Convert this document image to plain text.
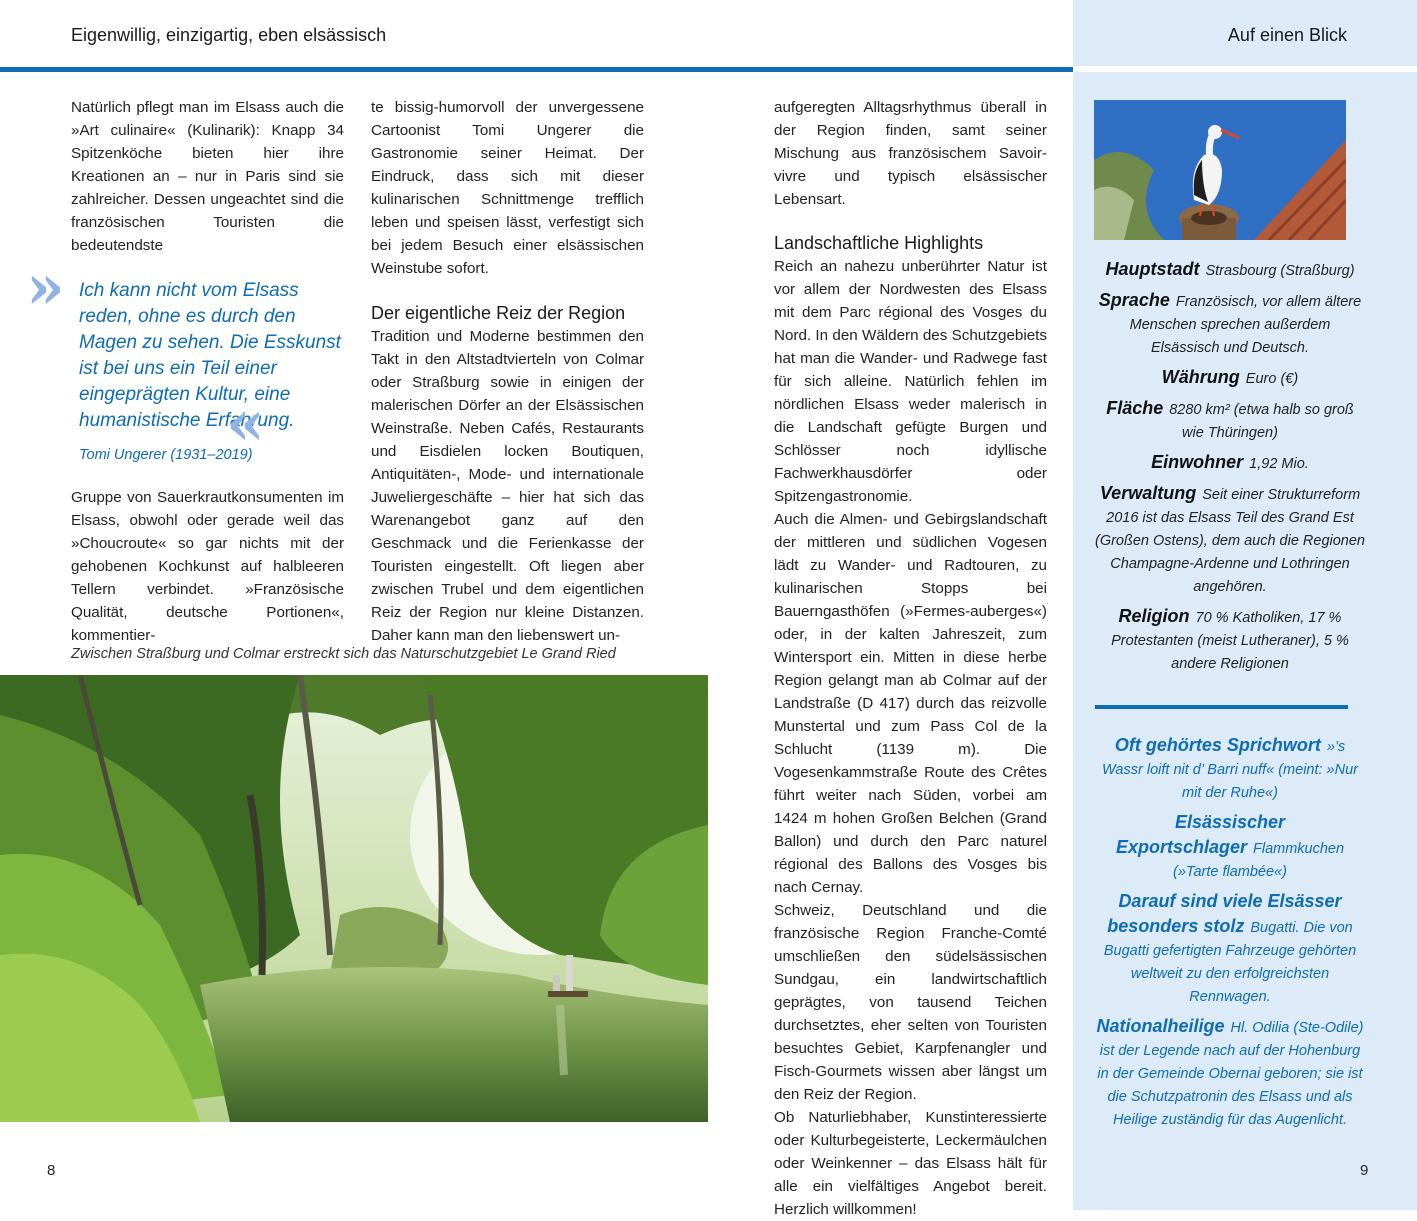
Eigenwillig, einzigartig, eben elsässisch	Auf einen Blick

Natürlich pflegt man im Elsass auch die »Art culinaire« (Kulinarik): Knapp 34 Spitzenköche bieten hier ihre Kreationen an – nur in Paris sind sie zahlreicher. Dessen ungeachtet sind die französischen Touristen die bedeutendste

» Ich kann nicht vom Elsass reden, ohne es durch den Magen zu sehen. Die Esskunst ist bei uns ein Teil einer eingeprägten Kultur, eine humanistische Erfahrung.
«
Tomi Ungerer (1931–2019)

Gruppe von Sauerkrautkonsumenten im Elsass, obwohl oder gerade weil das »Choucroute« so gar nichts mit der gehobenen Kochkunst auf halbleeren Tellern verbindet. »Französische Qualität, deutsche Portionen«, kommentier-

te bissig-humorvoll der unvergessene Cartoonist Tomi Ungerer die Gastronomie seiner Heimat. Der Eindruck, dass sich mit dieser kulinarischen Schnittmenge trefflich leben und speisen lässt, verfestigt sich bei jedem Besuch einer elsässischen Weinstube sofort.

Der eigentliche Reiz der Region

Tradition und Moderne bestimmen den Takt in den Altstadtvierteln von Colmar oder Straßburg sowie in einigen der malerischen Dörfer an der Elsässischen Weinstraße. Neben Cafés, Restaurants und Eisdielen locken Boutiquen, Antiquitäten-, Mode- und internationale Juweliergeschäfte – hier hat sich das Warenangebot ganz auf den Geschmack und die Ferienkasse der Touristen eingestellt. Oft liegen aber zwischen Trubel und dem eigentlichen Reiz der Region nur kleine Distanzen. Daher kann man den liebenswert un-

Zwischen Straßburg und Colmar erstreckt sich das Naturschutzgebiet Le Grand Ried

aufgeregten Alltagsrhythmus überall in der Region finden, samt seiner Mischung aus französischem Savoir-vivre und typisch elsässischer Lebensart.

Landschaftliche Highlights

Reich an nahezu unberührter Natur ist vor allem der Nordwesten des Elsass mit dem Parc régional des Vosges du Nord. In den Wäldern des Schutzgebiets hat man die Wander- und Radwege fast für sich alleine. Natürlich fehlen im nördlichen Elsass weder malerisch in die Landschaft gefügte Burgen und Schlösser noch idyllische Fachwerkhausdörfer oder Spitzengastronomie.

Auch die Almen- und Gebirgslandschaft der mittleren und südlichen Vogesen lädt zu Wander- und Radtouren, zu kulinarischen Stopps bei Bauerngasthöfen (»Fermes-auberges«) oder, in der kalten Jahreszeit, zum Wintersport ein. Mitten in diese herbe Region gelangt man ab Colmar auf der Landstraße (D 417) durch das reizvolle Munstertal und zum Pass Col de la Schlucht (1139 m). Die Vogesenkammstraße Route des Crêtes führt weiter nach Süden, vorbei am 1424 m hohen Großen Belchen (Grand Ballon) und durch den Parc naturel régional des Ballons des Vosges bis nach Cernay.

Schweiz, Deutschland und die französische Region Franche-Comté umschließen den südelsässischen Sundgau, ein landwirtschaftlich geprägtes, von tausend Teichen durchsetztes, eher selten von Touristen besuchtes Gebiet, Karpfenangler und Fisch-Gourmets wissen aber längst um den Reiz der Region.

Ob Naturliebhaber, Kunstinteressierte oder Kulturbegeisterte, Leckermäulchen oder Weinkenner – das Elsass hält für alle ein vielfältiges Angebot bereit. Herzlich willkommen!

Hauptstadt Strasbourg (Straßburg)
Sprache Französisch, vor allem ältere Menschen sprechen außerdem Elsässisch und Deutsch.
Währung Euro (€)
Fläche 8280 km² (etwa halb so groß wie Thüringen)
Einwohner 1,92 Mio.
Verwaltung Seit einer Strukturreform 2016 ist das Elsass Teil des Grand Est (Großen Ostens), dem auch die Regionen Champagne-Ardenne und Lothringen angehören.
Religion 70 % Katholiken, 17 % Protestanten (meist Lutheraner), 5 % andere Religionen
Oft gehörtes Sprichwort »’s Wassr loift nit d’ Barri nuff« (meint: »Nur mit der Ruhe«)
Elsässischer Exportschlager Flammkuchen (»Tarte flambée«)
Darauf sind viele Elsässer besonders stolz Bugatti. Die von Bugatti gefertigten Fahrzeuge gehörten weltweit zu den erfolgreichsten Rennwagen.
Nationalheilige Hl. Odilia (Ste-Odile) ist der Legende nach auf der Hohenburg in der Gemeinde Obernai geboren; sie ist die Schutzpatronin des Elsass und als Heilige zuständig für das Augenlicht.
8	9
